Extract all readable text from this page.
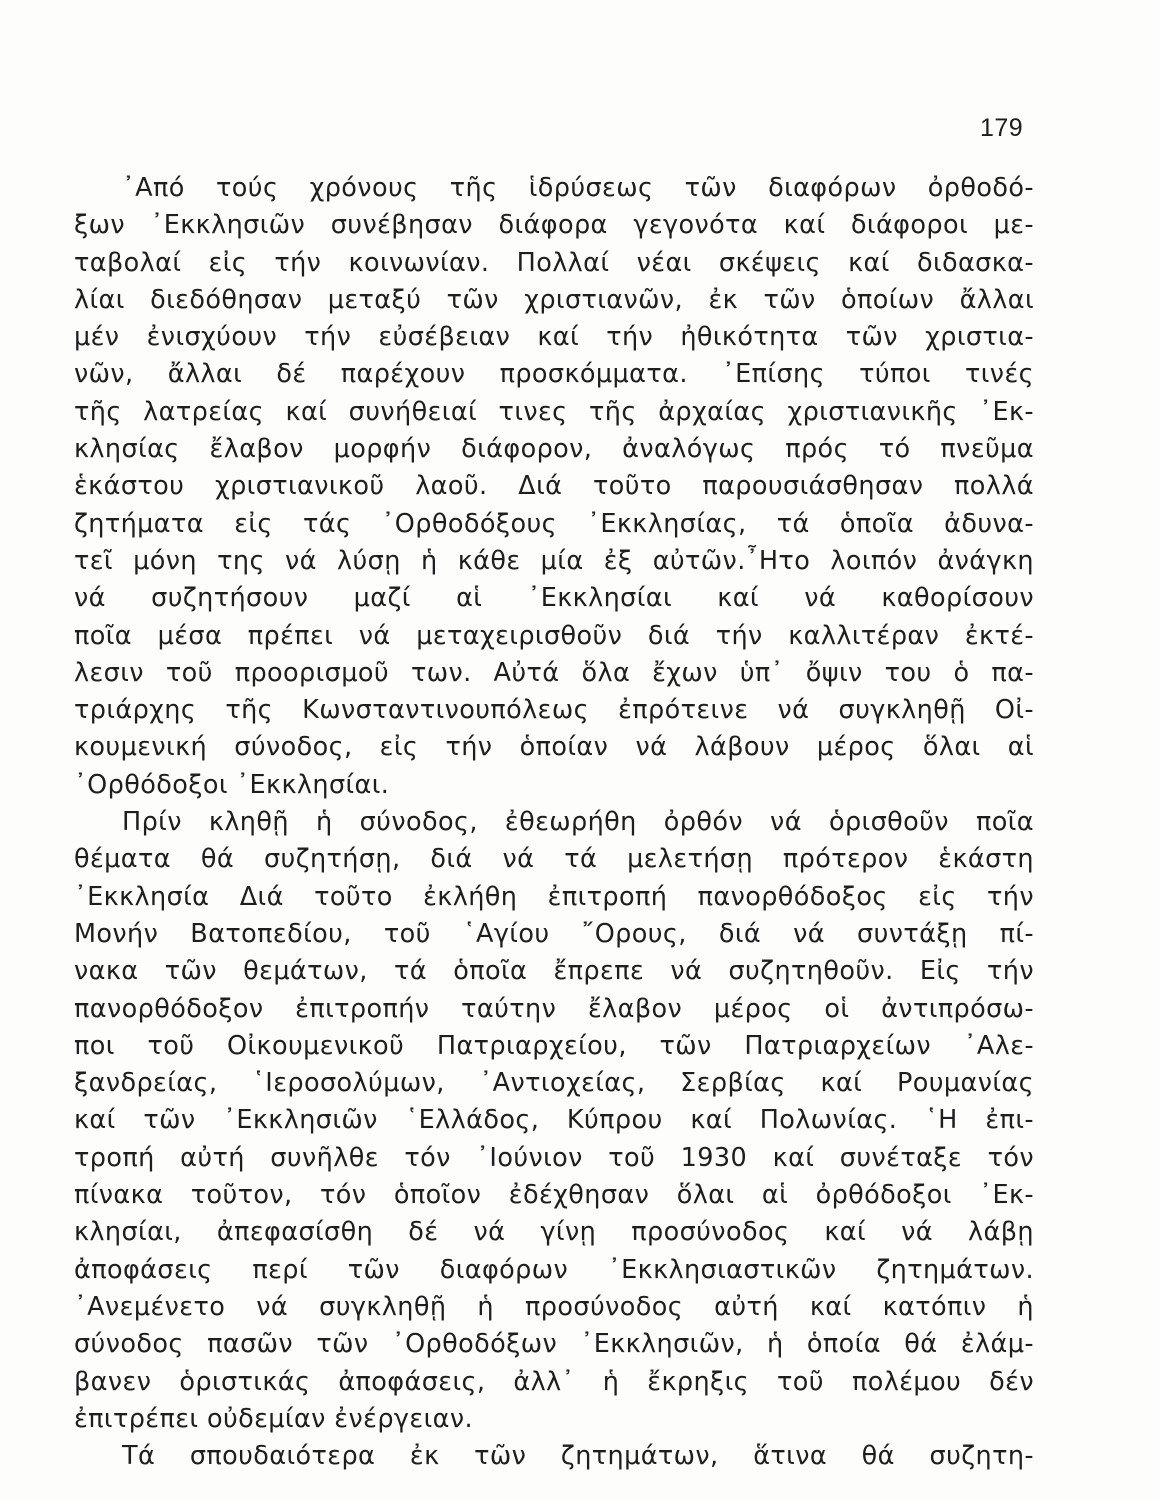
179
᾿Από τούς χρόνους τῆς ἱδρύσεως τῶν διαφόρων ὀρθοδό-
ξων ᾿Εκκλησιῶν συνέβησαν διάφορα γεγονότα καί διάφοροι με-
ταβολαί εἰς τήν κοινωνίαν. Πολλαί νέαι σκέψεις καί διδασκα-
λίαι διεδόθησαν μεταξύ τῶν χριστιανῶν, ἐκ τῶν ὁποίων ἄλλαι
μέν ἐνισχύουν τήν εὐσέβειαν καί τήν ἠθικότητα τῶν χριστια-
νῶν, ἄλλαι δέ παρέχουν προσκόμματα. ᾿Επίσης τύποι τινές
τῆς λατρείας καί συνήθειαί τινες τῆς ἀρχαίας χριστιανικῆς ᾿Εκ-
κλησίας ἔλαβον μορφήν διάφορον, ἀναλόγως πρός τό πνεῦμα
ἑκάστου χριστιανικοῦ λαοῦ. Διά τοῦτο παρουσιάσθησαν πολλά
ζητήματα εἰς τάς ᾿Ορθοδόξους ᾿Εκκλησίας, τά ὁποῖα ἀδυνα-
τεῖ μόνη της νά λύσῃ ἡ κάθε μία ἐξ αὐτῶν.῏Ητο λοιπόν ἀνάγκη
νά συζητήσουν μαζί αἱ ᾿Εκκλησίαι καί νά καθορίσουν
ποῖα μέσα πρέπει νά μεταχειρισθοῦν διά τήν καλλιτέραν ἐκτέ-
λεσιν τοῦ προορισμοῦ των. Αὐτά ὅλα ἔχων ὑπ᾿ ὄψιν του ὁ πα-
τριάρχης τῆς Κωνσταντινουπόλεως ἐπρότεινε νά συγκληθῇ Οἰ-
κουμενική σύνοδος, εἰς τήν ὁποίαν νά λάβουν μέρος ὅλαι αἱ
᾿Ορθόδοξοι ᾿Εκκλησίαι.
Πρίν κληθῇ ἡ σύνοδος, ἐθεωρήθη ὀρθόν νά ὁρισθοῦν ποῖα
θέματα θά συζητήσῃ, διά νά τά μελετήσῃ πρότερον ἑκάστη
᾿Εκκλησία Διά τοῦτο ἐκλήθη ἐπιτροπή πανορθόδοξος εἰς τήν
Μονήν Βατοπεδίου, τοῦ ῾Αγίου ῎Ορους, διά νά συντάξῃ πί-
νακα τῶν θεμάτων, τά ὁποῖα ἔπρεπε νά συζητηθοῦν. Εἰς τήν
πανορθόδοξον ἐπιτροπήν ταύτην ἔλαβον μέρος οἱ ἀντιπρόσω-
ποι τοῦ Οἰκουμενικοῦ Πατριαρχείου, τῶν Πατριαρχείων ᾿Αλε-
ξανδρείας, ῾Ιεροσολύμων, ᾿Αντιοχείας, Σερβίας καί Ρουμανίας
καί τῶν ᾿Εκκλησιῶν ῾Ελλάδος, Κύπρου καί Πολωνίας. ῾Η ἐπι-
τροπή αὐτή συνῆλθε τόν ᾿Ιούνιον τοῦ 1930 καί συνέταξε τόν
πίνακα τοῦτον, τόν ὁποῖον ἐδέχθησαν ὅλαι αἱ ὀρθόδοξοι ᾿Εκ-
κλησίαι, ἀπεφασίσθη δέ νά γίνῃ προσύνοδος καί νά λάβῃ
ἀποφάσεις περί τῶν διαφόρων ᾿Εκκλησιαστικῶν ζητημάτων.
᾿Ανεμένετο νά συγκληθῇ ἡ προσύνοδος αὐτή καί κατόπιν ἡ
σύνοδος πασῶν τῶν ᾿Ορθοδόξων ᾿Εκκλησιῶν, ἡ ὁποία θά ἐλάμ-
βανεν ὁριστικάς ἀποφάσεις, ἀλλ᾿ ἡ ἔκρηξις τοῦ πολέμου δέν
ἐπιτρέπει οὐδεμίαν ἐνέργειαν.
Τά σπουδαιότερα ἐκ τῶν ζητημάτων, ἅτινα θά συζητη-
